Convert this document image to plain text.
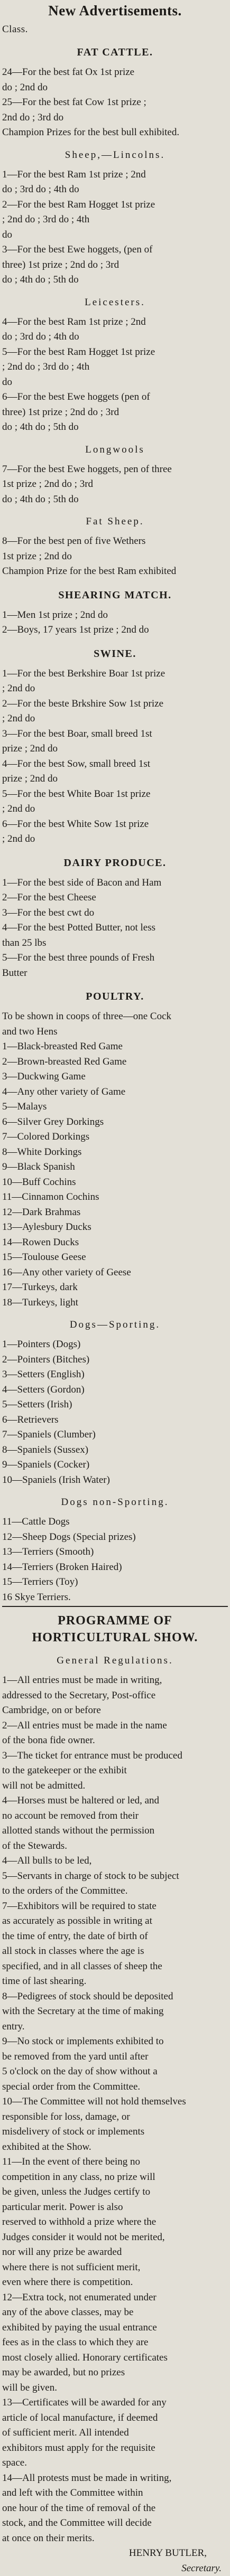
New Advertisements.
Class.
FAT CATTLE.
24—For the best fat Ox 1st prize
do ; 2nd do
25—For the best fat Cow 1st prize ;
2nd do ; 3rd do
Champion Prizes for the best bull exhibited.
Sheep,—Lincolns.
1—For the best Ram 1st prize ; 2nd
do ; 3rd do ; 4th do
2—For the best Ram Hogget 1st prize
; 2nd do ; 3rd do ; 4th
do
3—For the best Ewe hoggets, (pen of
three) 1st prize ; 2nd do ; 3rd
do ; 4th do ; 5th do
Leicesters.
4—For the best Ram 1st prize ; 2nd
do ; 3rd do ; 4th do
5—For the best Ram Hogget 1st prize
; 2nd do ; 3rd do ; 4th
do
6—For the best Ewe hoggets (pen of
three) 1st prize ; 2nd do ; 3rd
do ; 4th do ; 5th do
Longwools
7—For the best Ewe hoggets, pen of three
1st prize ; 2nd do ; 3rd
do ; 4th do ; 5th do
Fat Sheep.
8—For the best pen of five Wethers
1st prize ; 2nd do
Champion Prize for the best Ram exhibited
SHEARING MATCH.
1—Men 1st prize ; 2nd do
2—Boys, 17 years 1st prize ; 2nd do
SWINE.
1—For the best Berkshire Boar 1st prize
; 2nd do
2—For the beste Brkshire Sow 1st prize
; 2nd do
3—For the best Boar, small breed 1st
prize ; 2nd do
4—For the best Sow, small breed 1st
prize ; 2nd do
5—For the best White Boar 1st prize
; 2nd do
6—For the best White Sow 1st prize
; 2nd do
DAIRY PRODUCE.
1—For the best side of Bacon and Ham
2—For the best Cheese
3—For the best cwt do
4—For the best Potted Butter, not less
than 25 lbs
5—For the best three pounds of Fresh
Butter
POULTRY.
To be shown in coops of three—one Cock
and two Hens
1—Black-breasted Red Game
2—Brown-breasted Red Game
3—Duckwing Game
4—Any other variety of Game
5—Malays
6—Silver Grey Dorkings
7—Colored Dorkings
8—White Dorkings
9—Black Spanish
10—Buff Cochins
11—Cinnamon Cochins
12—Dark Brahmas
13—Aylesbury Ducks
14—Rowen Ducks
15—Toulouse Geese
16—Any other variety of Geese
17—Turkeys, dark
18—Turkeys, light
Dogs—Sporting.
1—Pointers (Dogs)
2—Pointers (Bitches)
3—Setters (English)
4—Setters (Gordon)
5—Setters (Irish)
6—Retrievers
7—Spaniels (Clumber)
8—Spaniels (Sussex)
9—Spaniels (Cocker)
10—Spaniels (Irish Water)
Dogs non-Sporting.
11—Cattle Dogs
12—Sheep Dogs (Special prizes)
13—Terriers (Smooth)
14—Terriers (Broken Haired)
15—Terriers (Toy)
16 Skye Terriers.
PROGRAMME OF HORTICULTURAL SHOW.
General Regulations.
1—All entries must be made in writing,
addressed to the Secretary, Post-office
Cambridge, on or before
2—All entries must be made in the name
of the bona fide owner.
3—The ticket for entrance must be produced
to the gatekeeper or the exhibit
will not be admitted.
4—Horses must be haltered or led, and
no account be removed from their
allotted stands without the permission
of the Stewards.
4—All bulls to be led,
5—Servants in charge of stock to be subject
to the orders of the Committee.
7—Exhibitors will be required to state
as accurately as possible in writing at
the time of entry, the date of birth of
all stock in classes where the age is
specified, and in all classes of sheep the
time of last shearing.
8—Pedigrees of stock should be deposited
with the Secretary at the time of making
entry.
9—No stock or implements exhibited to
be removed from the yard until after
5 o'clock on the day of show without a
special order from the Committee.
10—The Committee will not hold themselves
responsible for loss, damage, or
misdelivery of stock or implements
exhibited at the Show.
11—In the event of there being no
competition in any class, no prize will
be given, unless the Judges certify to
particular merit. Power is also
reserved to withhold a prize where the
Judges consider it would not be merited,
nor will any prize be awarded
where there is not sufficient merit,
even where there is competition.
12—Extra tock, not enumerated under
any of the above classes, may be
exhibited by paying the usual entrance
fees as in the class to which they are
most closely allied. Honorary certificates
may be awarded, but no prizes
will be given.
13—Certificates will be awarded for any
article of local manufacture, if deemed
of sufficient merit. All intended
exhibitors must apply for the requisite
space.
14—All protests must be made in writing,
and left with the Committee within
one hour of the time of removal of the
stock, and the Committee will decide
at once on their merits.
HENRY BUTLER,
Secretary.
